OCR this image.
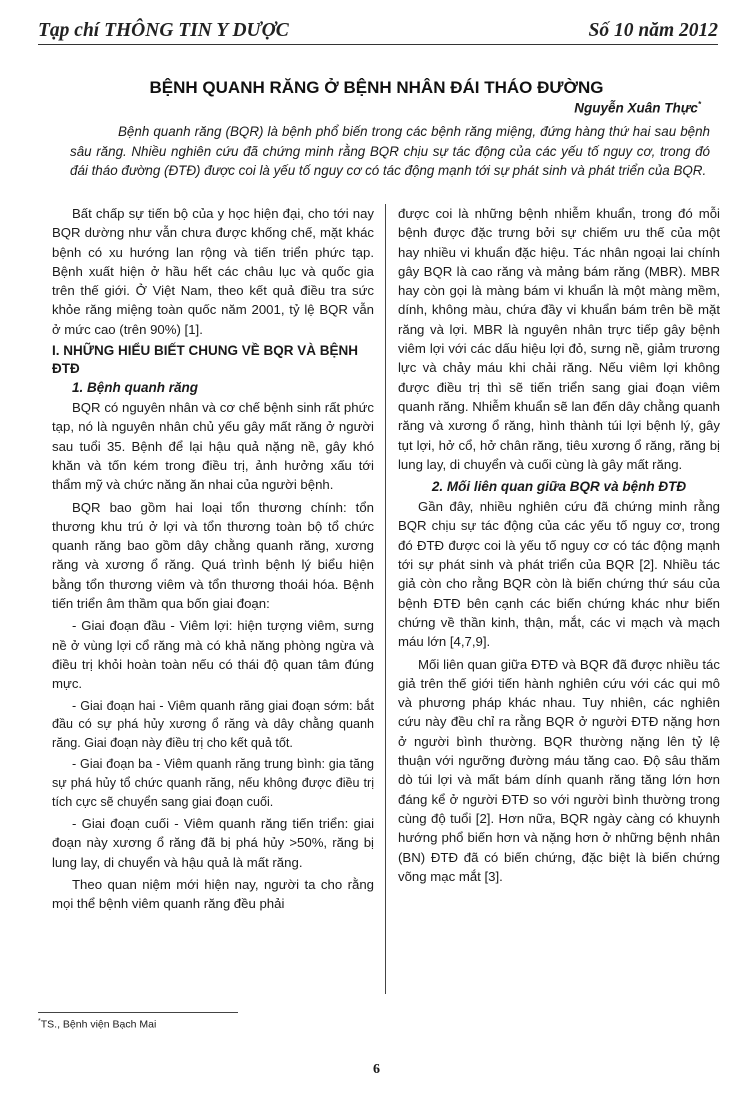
Tạp chí THÔNG TIN Y DƯỢC	Số 10 năm 2012
BỆNH QUANH RĂNG Ở BỆNH NHÂN ĐÁI THÁO ĐƯỜNG
Nguyễn Xuân Thực*
Bệnh quanh răng (BQR) là bệnh phổ biến trong các bệnh răng miệng, đứng hàng thứ hai sau bệnh sâu răng. Nhiều nghiên cứu đã chứng minh rằng BQR chịu sự tác động của các yếu tố nguy cơ, trong đó đái tháo đường (ĐTĐ) được coi là yếu tố nguy cơ có tác động mạnh tới sự phát sinh và phát triển của BQR.

Bất chấp sự tiến bộ của y học hiện đại, cho tới nay BQR dường như vẫn chưa được khống chế, mặt khác bệnh có xu hướng lan rộng và tiến triển phức tạp. Bệnh xuất hiện ở hầu hết các châu lục và quốc gia trên thế giới. Ở Việt Nam, theo kết quả điều tra sức khỏe răng miệng toàn quốc năm 2001, tỷ lệ BQR vẫn ở mức cao (trên 90%) [1].

I. NHỮNG HIỂU BIẾT CHUNG VỀ BQR VÀ BỆNH ĐTĐ
1. Bệnh quanh răng

BQR có nguyên nhân và cơ chế bệnh sinh rất phức tạp, nó là nguyên nhân chủ yếu gây mất răng ở người sau tuổi 35. Bệnh để lại hậu quả nặng nề, gây khó khăn và tốn kém trong điều trị, ảnh hưởng xấu tới thẩm mỹ và chức năng ăn nhai của người bệnh.

BQR bao gồm hai loại tổn thương chính: tổn thương khu trú ở lợi và tổn thương toàn bộ tổ chức quanh răng bao gồm dây chằng quanh răng, xương răng và xương ổ răng. Quá trình bệnh lý biểu hiện bằng tổn thương viêm và tổn thương thoái hóa. Bệnh tiến triển âm thầm qua bốn giai đoạn:

- Giai đoạn đầu - Viêm lợi: hiện tượng viêm, sưng nề ở vùng lợi cổ răng mà có khả năng phòng ngừa và điều trị khỏi hoàn toàn nếu có thái độ quan tâm đúng mực.

- Giai đoạn hai - Viêm quanh răng giai đoạn sớm: bắt đầu có sự phá hủy xương ổ răng và dây chằng quanh răng. Giai đoạn này điều trị cho kết quả tốt.

- Giai đoạn ba - Viêm quanh răng trung bình: gia tăng sự phá hủy tổ chức quanh răng, nếu không được điều trị tích cực sẽ chuyển sang giai đoạn cuối.

- Giai đoạn cuối - Viêm quanh răng tiến triển: giai đoạn này xương ổ răng đã bị phá hủy >50%, răng bị lung lay, di chuyển và hậu quả là mất răng.

Theo quan niệm mới hiện nay, người ta cho rằng mọi thể bệnh viêm quanh răng đều phải

được coi là những bệnh nhiễm khuẩn, trong đó mỗi bệnh được đặc trưng bởi sự chiếm ưu thế của một hay nhiều vi khuẩn đặc hiệu. Tác nhân ngoại lai chính gây BQR là cao răng và mảng bám răng (MBR). MBR hay còn gọi là màng bám vi khuẩn là một màng mềm, dính, không màu, chứa đầy vi khuẩn bám trên bề mặt răng và lợi. MBR là nguyên nhân trực tiếp gây bệnh viêm lợi với các dấu hiệu lợi đỏ, sưng nề, giảm trương lực và chảy máu khi chải răng. Nếu viêm lợi không được điều trị thì sẽ tiến triển sang giai đoạn viêm quanh răng. Nhiễm khuẩn sẽ lan đến dây chằng quanh răng và xương ổ răng, hình thành túi lợi bệnh lý, gây tụt lợi, hở cổ, hở chân răng, tiêu xương ổ răng, răng bị lung lay, di chuyển và cuối cùng là gây mất răng.

2. Mối liên quan giữa BQR và bệnh ĐTĐ

Gần đây, nhiều nghiên cứu đã chứng minh rằng BQR chịu sự tác động của các yếu tố nguy cơ, trong đó ĐTĐ được coi là yếu tố nguy cơ có tác động mạnh tới sự phát sinh và phát triển của BQR [2]. Nhiều tác giả còn cho rằng BQR còn là biến chứng thứ sáu của bệnh ĐTĐ bên cạnh các biến chứng khác như biến chứng về thần kinh, thận, mắt, các vi mạch và mạch máu lớn [4,7,9].

Mối liên quan giữa ĐTĐ và BQR đã được nhiều tác giả trên thế giới tiến hành nghiên cứu với các qui mô và phương pháp khác nhau. Tuy nhiên, các nghiên cứu này đều chỉ ra rằng BQR ở người ĐTĐ nặng hơn ở người bình thường. BQR thường nặng lên tỷ lệ thuận với ngưỡng đường máu tăng cao. Độ sâu thăm dò túi lợi và mất bám dính quanh răng tăng lớn hơn đáng kể ở người ĐTĐ so với người bình thường trong cùng độ tuổi [2]. Hơn nữa, BQR ngày càng có khuynh hướng phổ biến hơn và nặng hơn ở những bệnh nhân (BN) ĐTĐ đã có biến chứng, đặc biệt là biến chứng võng mạc mắt [3].

*TS., Bệnh viện Bạch Mai
6
